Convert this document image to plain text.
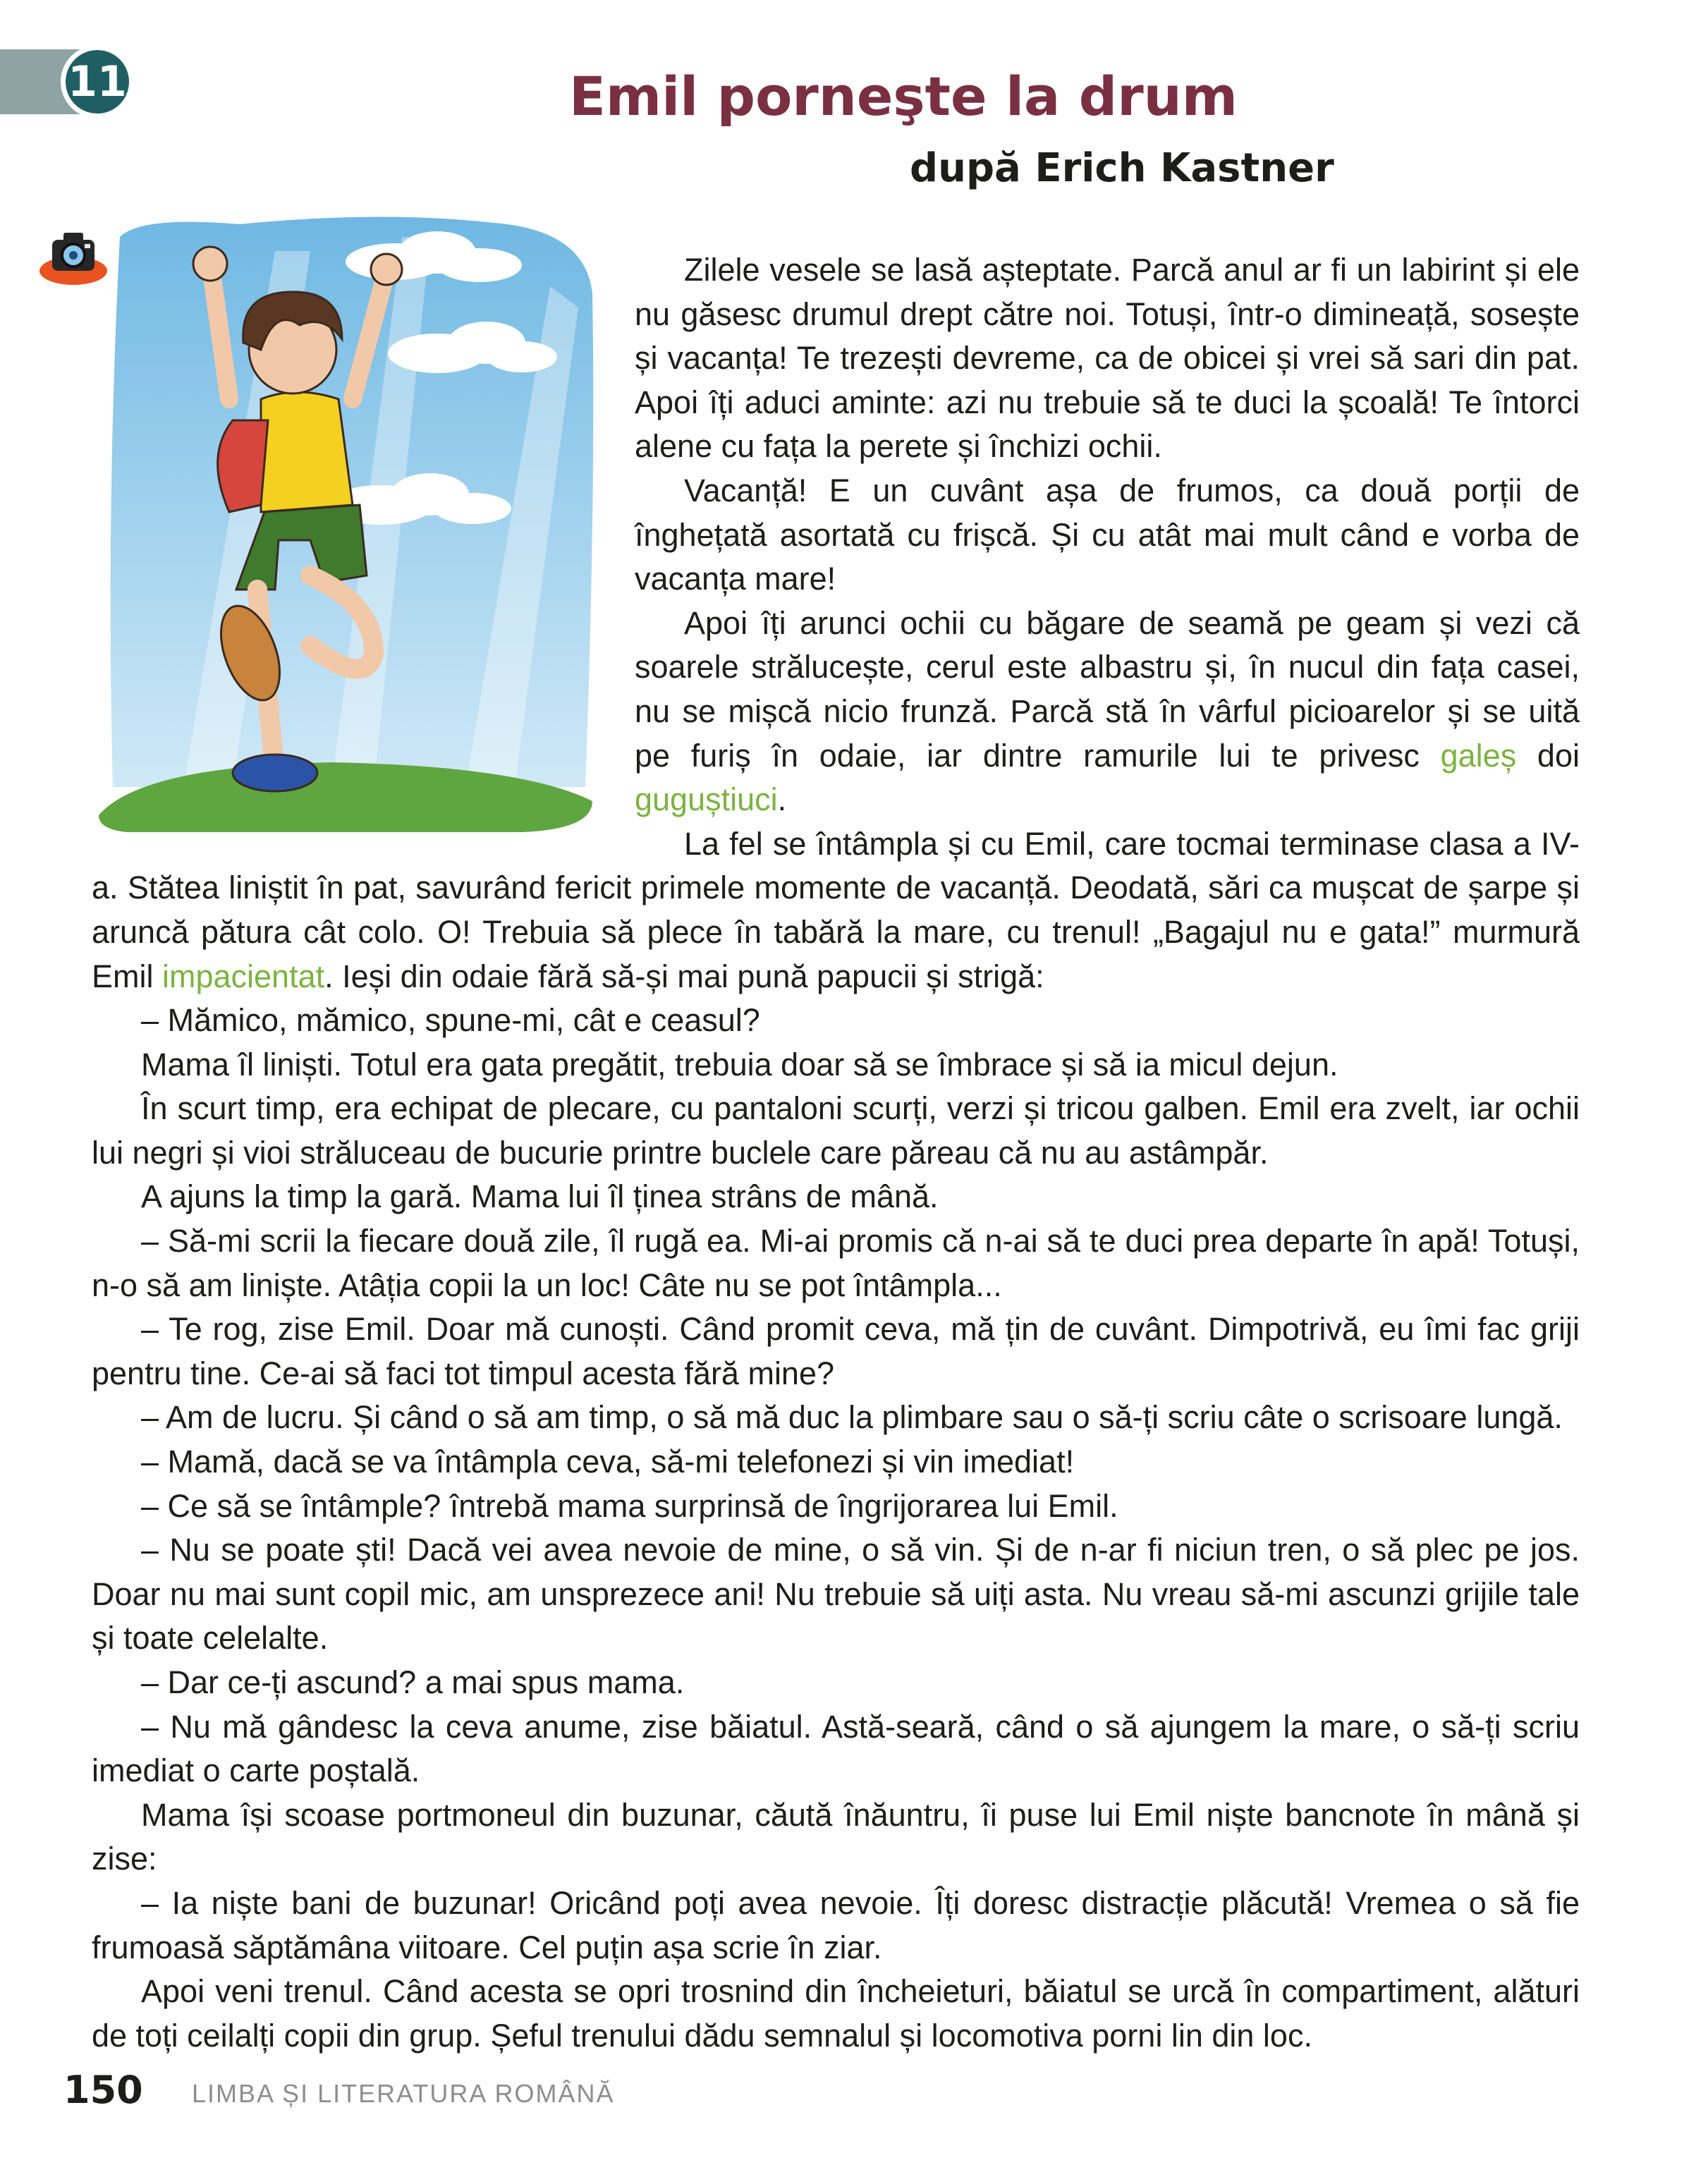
11	Emil porneşte la drum
după Erich Kastner

Zilele vesele se lasă așteptate. Parcă anul ar fi un labirint și ele nu găsesc drumul drept către noi. Totuși, într-o dimineață, sosește și vacanța! Te trezești devreme, ca de obicei și vrei să sari din pat. Apoi îți aduci aminte: azi nu trebuie să te duci la școală! Te întorci alene cu fața la perete și închizi ochii.

Vacanță! E un cuvânt așa de frumos, ca două porții de înghețată asortată cu frișcă. Și cu atât mai mult când e vorba de vacanța mare!

Apoi îți arunci ochii cu băgare de seamă pe geam și vezi că soarele strălucește, cerul este albastru și, în nucul din fața casei, nu se mișcă nicio frunză. Parcă stă în vârful picioarelor și se uită pe furiș în odaie, iar dintre ramurile lui te privesc galeș doi guguștiuci.

La fel se întâmpla și cu Emil, care tocmai terminase clasa a IV-a. Stătea liniștit în pat, savurând fericit primele momente de vacanță. Deodată, sări ca mușcat de șarpe și aruncă pătura cât colo. O! Trebuia să plece în tabără la mare, cu trenul! „Bagajul nu e gata!” murmură Emil impacientat. Ieși din odaie fără să-și mai pună papucii și strigă:

– Mămico, mămico, spune-mi, cât e ceasul?

Mama îl liniști. Totul era gata pregătit, trebuia doar să se îmbrace și să ia micul dejun.

În scurt timp, era echipat de plecare, cu pantaloni scurți, verzi și tricou galben. Emil era zvelt, iar ochii lui negri și vioi străluceau de bucurie printre buclele care păreau că nu au astâmpăr.

A ajuns la timp la gară. Mama lui îl ținea strâns de mână.

– Să-mi scrii la fiecare două zile, îl rugă ea. Mi-ai promis că n-ai să te duci prea departe în apă! Totuși, n-o să am liniște. Atâția copii la un loc! Câte nu se pot întâmpla...

– Te rog, zise Emil. Doar mă cunoști. Când promit ceva, mă țin de cuvânt. Dimpotrivă, eu îmi fac griji pentru tine. Ce-ai să faci tot timpul acesta fără mine?

– Am de lucru. Și când o să am timp, o să mă duc la plimbare sau o să-ți scriu câte o scrisoare lungă.

– Mamă, dacă se va întâmpla ceva, să-mi telefonezi și vin imediat!

– Ce să se întâmple? întrebă mama surprinsă de îngrijorarea lui Emil.

– Nu se poate ști! Dacă vei avea nevoie de mine, o să vin. Și de n-ar fi niciun tren, o să plec pe jos. Doar nu mai sunt copil mic, am unsprezece ani! Nu trebuie să uiți asta. Nu vreau să-mi ascunzi grijile tale și toate celelalte.

– Dar ce-ți ascund? a mai spus mama.

– Nu mă gândesc la ceva anume, zise băiatul. Astă-seară, când o să ajungem la mare, o să-ți scriu imediat o carte poștală.

Mama își scoase portmoneul din buzunar, căută înăuntru, îi puse lui Emil niște bancnote în mână și zise:

– Ia niște bani de buzunar! Oricând poți avea nevoie. Îți doresc distracție plăcută! Vremea o să fie frumoasă săptămâna viitoare. Cel puțin așa scrie în ziar.

Apoi veni trenul. Când acesta se opri trosnind din încheieturi, băiatul se urcă în compartiment, alături de toți ceilalți copii din grup. Șeful trenului dădu semnalul și locomotiva porni lin din loc.

150 LIMBA ȘI LITERATURA ROMÂNĂ
